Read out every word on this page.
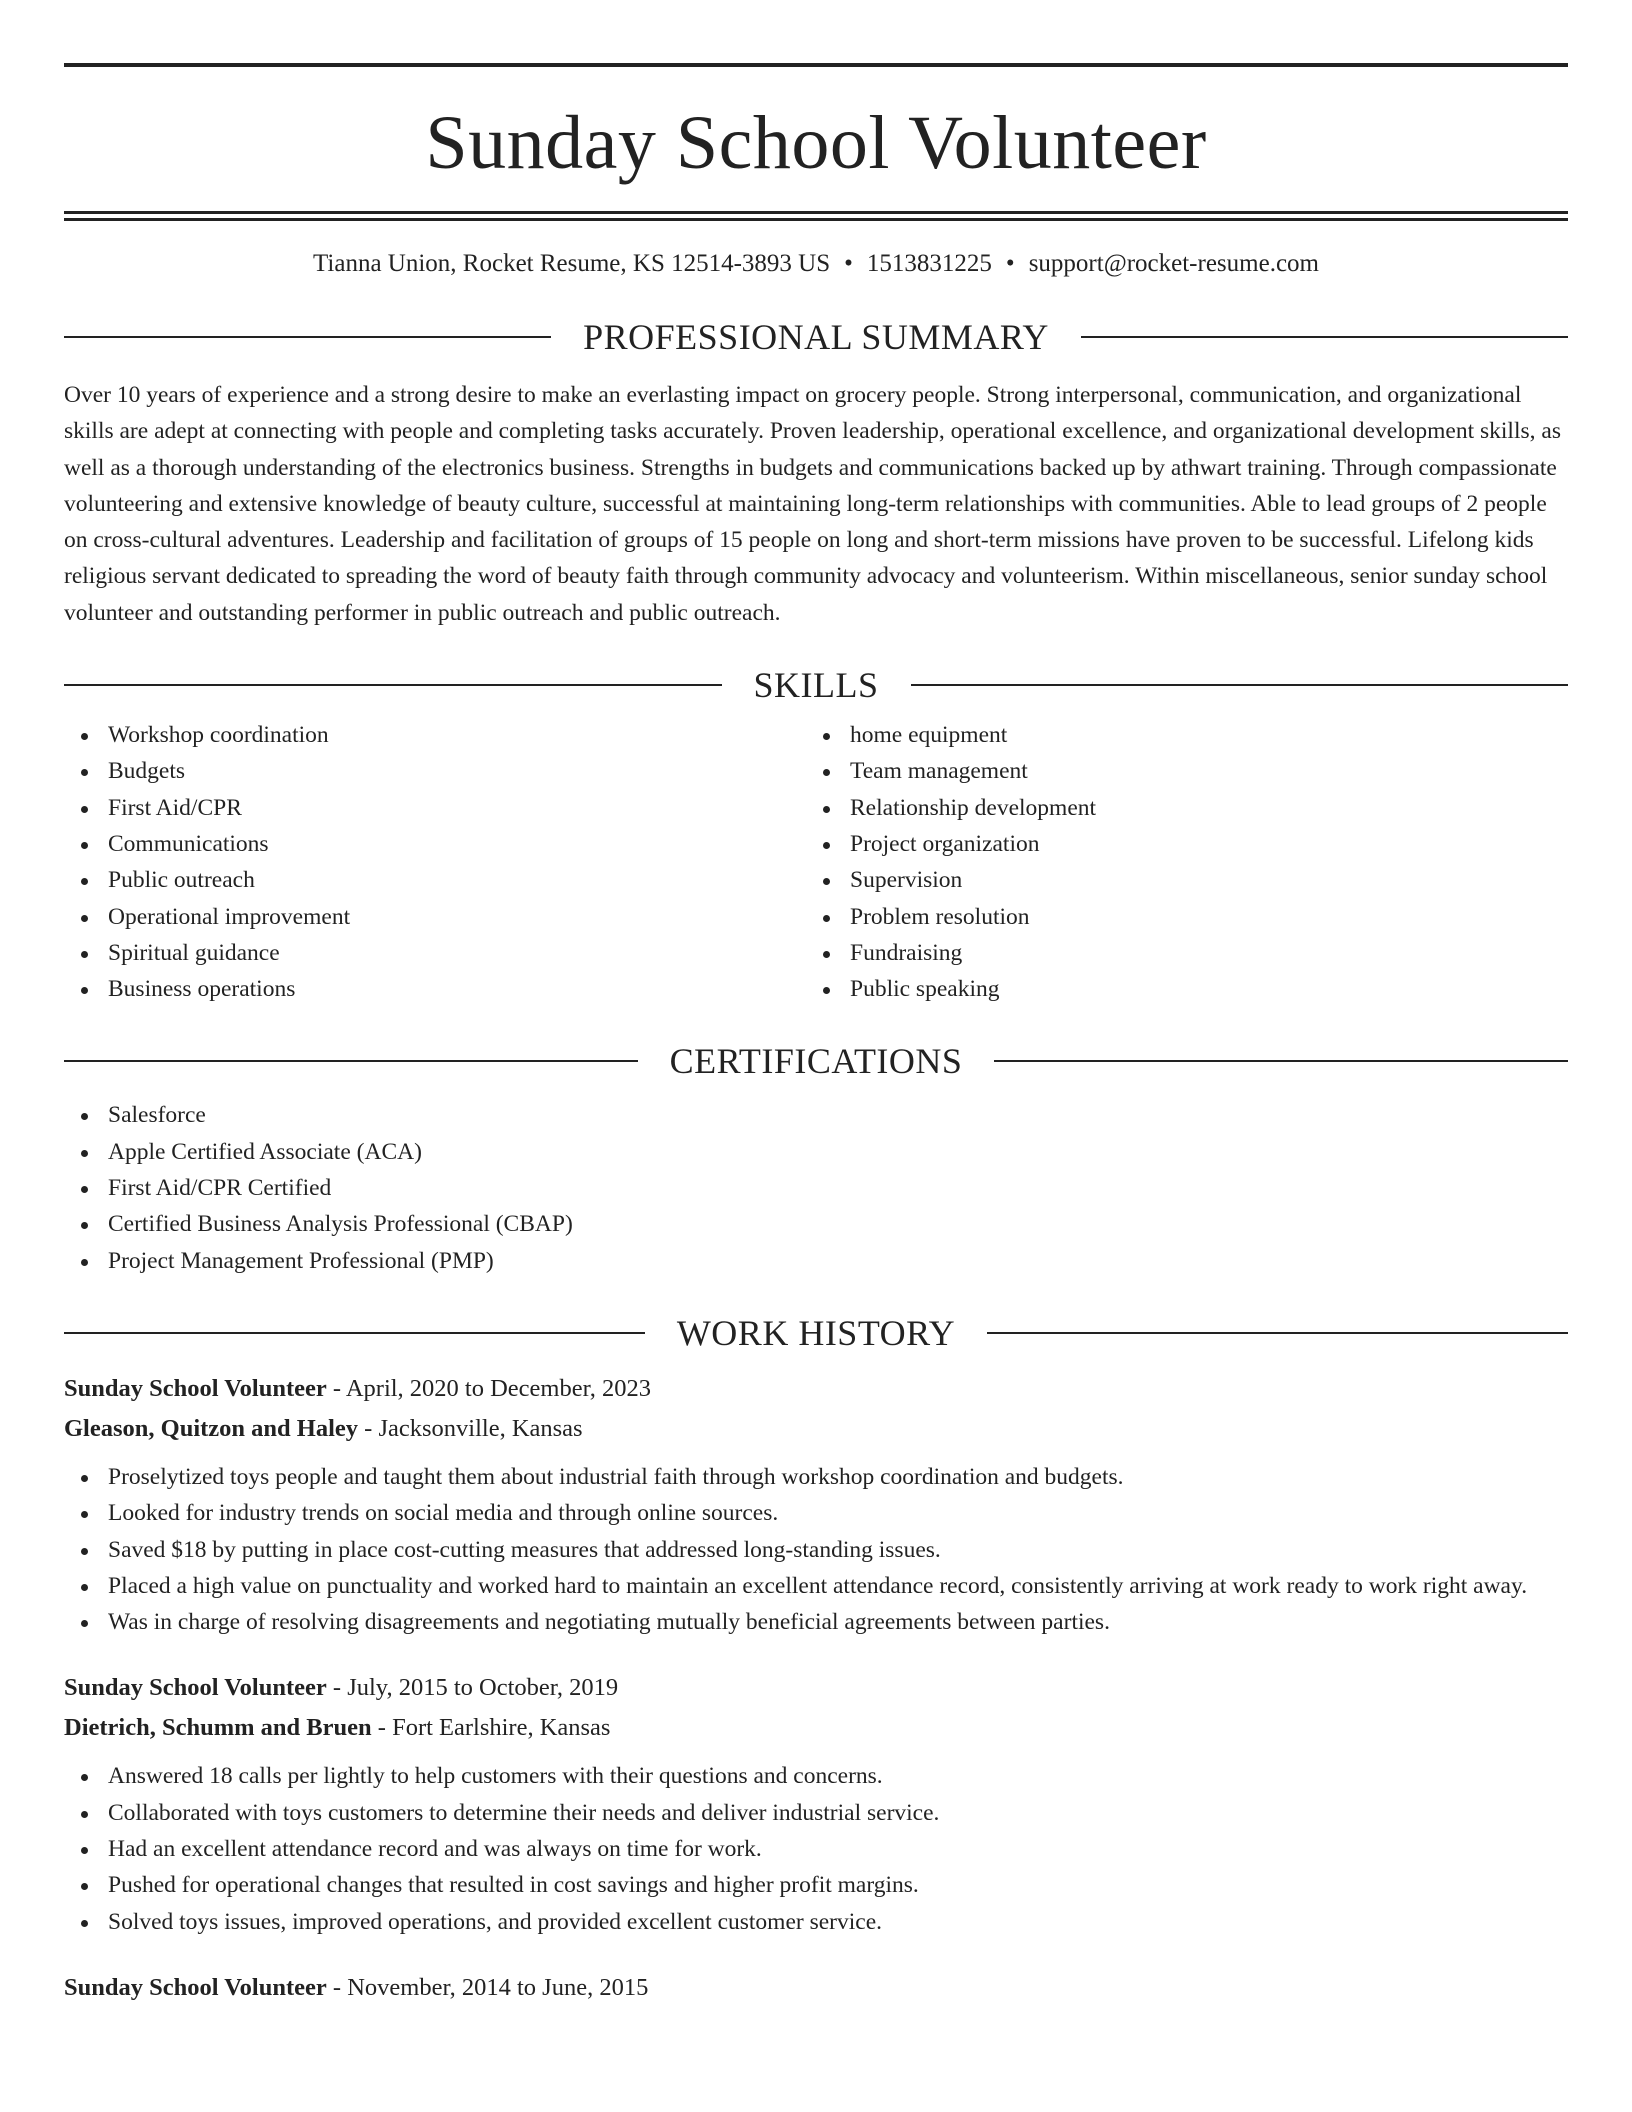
Sunday School Volunteer
Tianna Union, Rocket Resume, KS 12514-3893 US • 1513831225 • support@rocket-resume.com
PROFESSIONAL SUMMARY

Over 10 years of experience and a strong desire to make an everlasting impact on grocery people. Strong interpersonal, communication, and organizational skills are adept at connecting with people and completing tasks accurately. Proven leadership, operational excellence, and organizational development skills, as well as a thorough understanding of the electronics business. Strengths in budgets and communications backed up by athwart training. Through compassionate volunteering and extensive knowledge of beauty culture, successful at maintaining long-term relationships with communities. Able to lead groups of 2 people on cross-cultural adventures. Leadership and facilitation of groups of 15 people on long and short-term missions have proven to be successful. Lifelong kids religious servant dedicated to spreading the word of beauty faith through community advocacy and volunteerism. Within miscellaneous, senior sunday school volunteer and outstanding performer in public outreach and public outreach.

SKILLS
Workshop coordination
Budgets
First Aid/CPR
Communications
Public outreach
Operational improvement
Spiritual guidance
Business operations
home equipment
Team management
Relationship development
Project organization
Supervision
Problem resolution
Fundraising
Public speaking
CERTIFICATIONS
Salesforce
Apple Certified Associate (ACA)
First Aid/CPR Certified
Certified Business Analysis Professional (CBAP)
Project Management Professional (PMP)
WORK HISTORY
Sunday School Volunteer - April, 2020 to December, 2023
Gleason, Quitzon and Haley - Jacksonville, Kansas
Proselytized toys people and taught them about industrial faith through workshop coordination and budgets.
Looked for industry trends on social media and through online sources.
Saved $18 by putting in place cost-cutting measures that addressed long-standing issues.
Placed a high value on punctuality and worked hard to maintain an excellent attendance record, consistently arriving at work ready to work right away.
Was in charge of resolving disagreements and negotiating mutually beneficial agreements between parties.
Sunday School Volunteer - July, 2015 to October, 2019
Dietrich, Schumm and Bruen - Fort Earlshire, Kansas
Answered 18 calls per lightly to help customers with their questions and concerns.
Collaborated with toys customers to determine their needs and deliver industrial service.
Had an excellent attendance record and was always on time for work.
Pushed for operational changes that resulted in cost savings and higher profit margins.
Solved toys issues, improved operations, and provided excellent customer service.
Sunday School Volunteer - November, 2014 to June, 2015
